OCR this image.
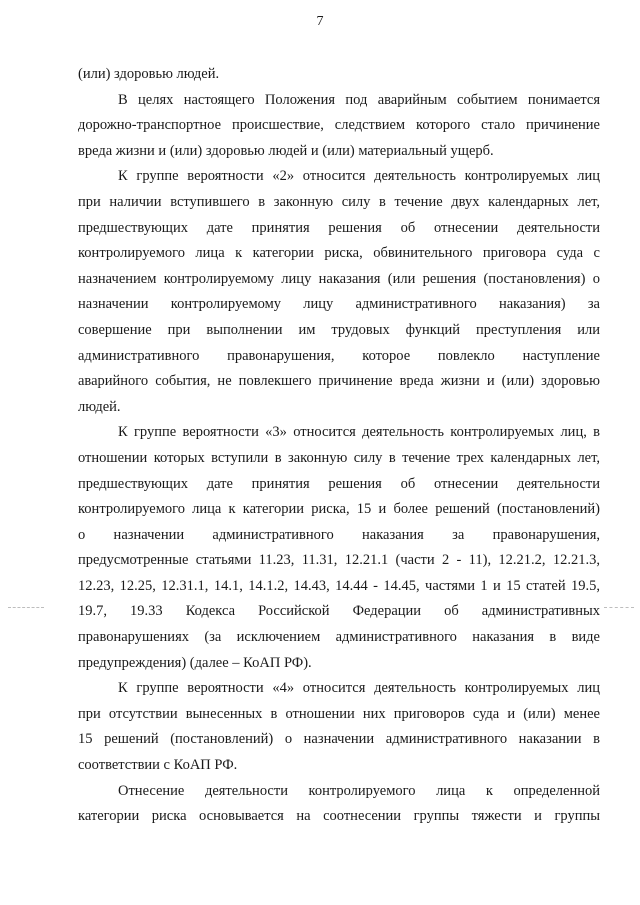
7
(или) здоровью людей.
В целях настоящего Положения под аварийным событием понимается
дорожно-транспортное происшествие, следствием которого стало причинение
вреда жизни и (или) здоровью людей и (или) материальный ущерб.
К группе вероятности «2» относится деятельность контролируемых лиц
при наличии вступившего в законную силу в течение двух календарных лет,
предшествующих дате принятия решения об отнесении деятельности
контролируемого лица к категории риска, обвинительного приговора суда с
назначением контролируемому лицу наказания (или решения (постановления) о
назначении контролируемому лицу административного наказания) за
совершение при выполнении им трудовых функций преступления или
административного правонарушения, которое повлекло наступление
аварийного события, не повлекшего причинение вреда жизни и (или) здоровью
людей.
К группе вероятности «3» относится деятельность контролируемых лиц, в
отношении которых вступили в законную силу в течение трех календарных лет,
предшествующих дате принятия решения об отнесении деятельности
контролируемого лица к категории риска, 15 и более решений (постановлений)
о назначении административного наказания за правонарушения,
предусмотренные статьями 11.23, 11.31, 12.21.1 (части 2 - 11), 12.21.2, 12.21.3,
12.23, 12.25, 12.31.1, 14.1, 14.1.2, 14.43, 14.44 - 14.45, частями 1 и 15 статей 19.5,
19.7, 19.33 Кодекса Российской Федерации об административных
правонарушениях (за исключением административного наказания в виде
предупреждения) (далее – КоАП РФ).
К группе вероятности «4» относится деятельность контролируемых лиц
при отсутствии вынесенных в отношении них приговоров суда и (или) менее
15 решений (постановлений) о назначении административного наказании в
соответствии с КоАП РФ.
Отнесение деятельности контролируемого лица к определенной
категории риска основывается на соотнесении группы тяжести и группы
